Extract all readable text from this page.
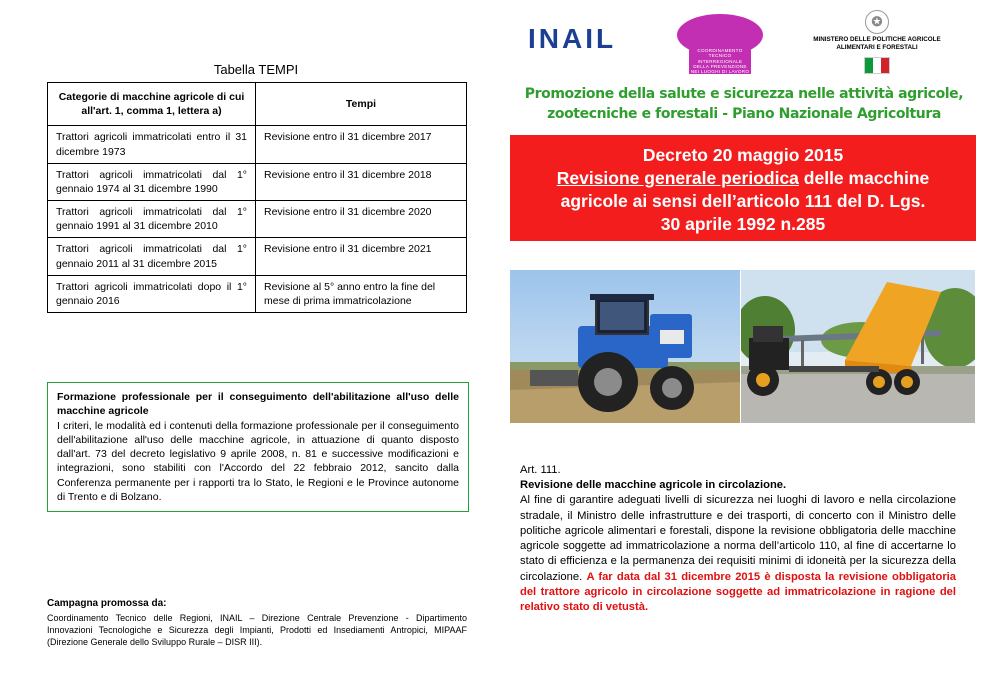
Tabella TEMPI
Categorie di macchine agricole di cui all'art. 1, comma 1, lettera a)	Tempi
Trattori agricoli immatricolati entro il 31 dicembre 1973	Revisione entro il 31 dicembre 2017
Trattori agricoli immatricolati dal 1° gennaio 1974 al 31 dicembre 1990	Revisione entro il 31 dicembre 2018
Trattori agricoli immatricolati dal 1° gennaio 1991 al 31 dicembre 2010	Revisione entro il 31 dicembre 2020
Trattori agricoli immatricolati dal 1° gennaio 2011 al 31 dicembre 2015	Revisione entro il 31 dicembre 2021
Trattori agricoli immatricolati dopo il 1° gennaio 2016	Revisione al 5° anno entro la fine del mese di prima immatricolazione
Formazione professionale per il conseguimento dell'abilitazione all'uso delle macchine agricole
I criteri, le modalità ed i contenuti della formazione professionale per il conseguimento dell'abilitazione all'uso delle macchine agricole, in attuazione di quanto disposto dall'art. 73 del decreto legislativo 9 aprile 2008, n. 81 e successive modificazioni e integrazioni, sono stabiliti con l'Accordo del 22 febbraio 2012, sancito dalla Conferenza permanente per i rapporti tra lo Stato, le Regioni e le Province autonome di Trento e di Bolzano.
Campagna promossa da:
Coordinamento Tecnico delle Regioni, INAIL – Direzione Centrale Prevenzione - Dipartimento Innovazioni Tecnologiche e Sicurezza degli Impianti, Prodotti ed Insediamenti Antropici, MIPAAF (Direzione Generale dello Sviluppo Rurale – DISR III).
INAIL	COORDINAMENTO
TECNICO
INTERREGIONALE
DELLA PREVENZIONE
NEI LUOGHI DI LAVORO
✪
MINISTERO DELLE POLITICHE AGRICOLE
ALIMENTARI E FORESTALI
Promozione della salute e sicurezza nelle attività agricole,
zootecniche e forestali - Piano Nazionale Agricoltura
Decreto 20 maggio 2015
Revisione generale periodica delle macchine
agricole ai sensi dell’articolo 111 del D. Lgs.
30 aprile 1992 n.285
Art. 111.
Revisione delle macchine agricole in circolazione.
Al fine di garantire adeguati livelli di sicurezza nei luoghi di lavoro e nella circolazione stradale, il Ministro delle infrastrutture e dei trasporti, di concerto con il Ministro delle politiche agricole alimentari e forestali, dispone la revisione obbligatoria delle macchine agricole soggette ad immatricolazione a norma dell’articolo 110, al fine di accertarne lo stato di efficienza e la permanenza dei requisiti minimi di idoneità per la sicurezza della circolazione. A far data dal 31 dicembre 2015 è disposta la revisione obbligatoria del trattore agricolo in circolazione soggette ad immatricolazione in ragione del relativo stato di vetustà.
